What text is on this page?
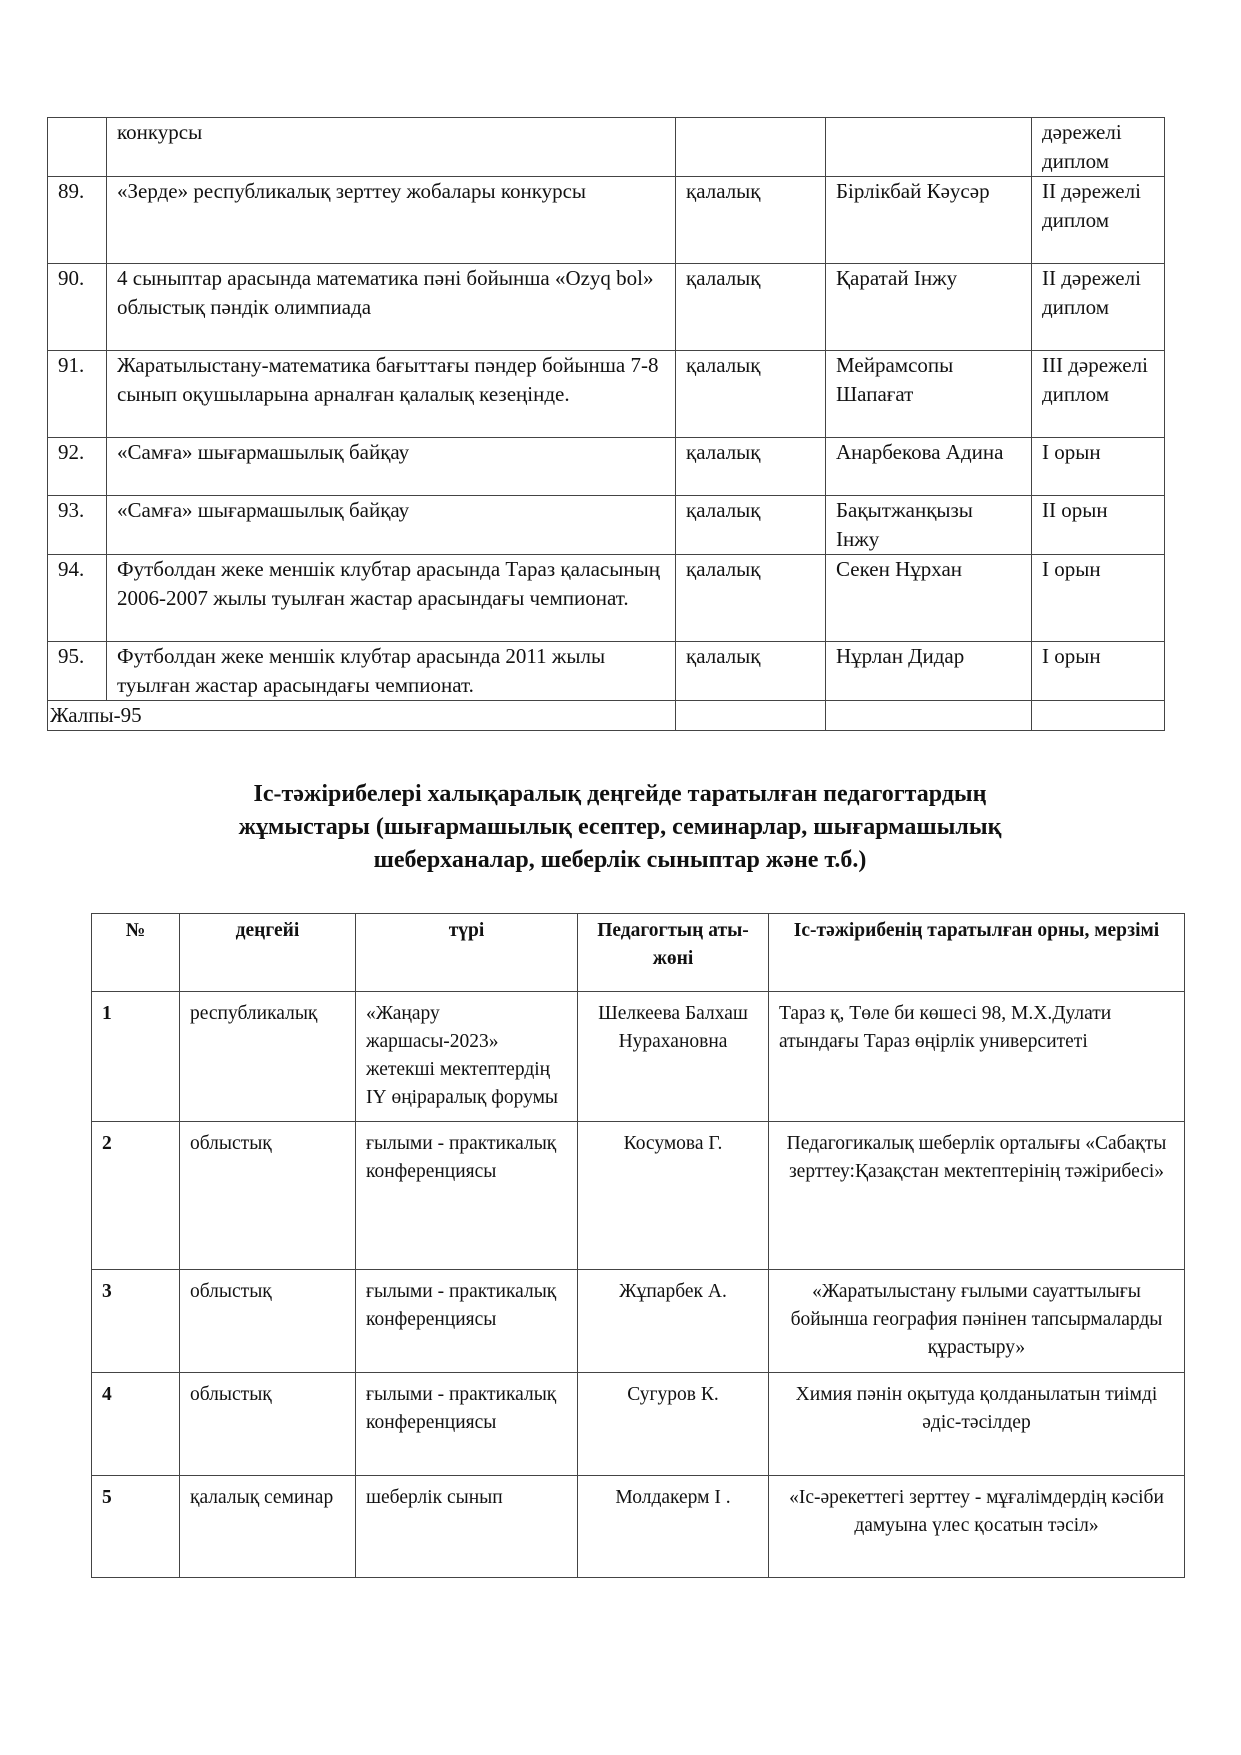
	конкурсы			дәрежелі диплом
89.	«Зерде» республикалық зерттеу жобалары конкурсы	қалалық	Бірлікбай Кәусәр	ІІ дәрежелі диплом
90.	4 сыныптар арасында математика пәні бойынша «Ozyq bol» облыстық пәндік олимпиада	қалалық	Қаратай Інжу	ІІ дәрежелі диплом
91.	Жаратылыстану-математика бағыттағы пәндер бойынша 7-8 сынып оқушыларына арналған қалалық кезеңінде.	қалалық	Мейрамсопы Шапағат	ІІІ дәрежелі диплом
92.	«Самға» шығармашылық байқау	қалалық	Анарбекова Адина	І орын
93.	«Самға» шығармашылық байқау	қалалық	Бақытжанқызы Інжу	ІІ орын
94.	Футболдан жеке меншік клубтар арасында Тараз қаласының 2006-2007 жылы туылған жастар арасындағы чемпионат.	қалалық	Секен Нұрхан	І орын
95.	Футболдан жеке меншік клубтар арасында 2011 жылы туылған жастар арасындағы чемпионат.	қалалық	Нұрлан Дидар	І орын
Жалпы-95				
Іс-тәжірибелері халықаралық деңгейде таратылған педагогтардың
жұмыстары (шығармашылық есептер, семинарлар, шығармашылық
шеберханалар, шеберлік сыныптар және т.б.)
№	деңгейі	түрі	Педагогтың аты-жөні	Іс-тәжірибенің таратылған орны, мерзімі
1	республикалық	«Жаңару жаршасы-2023» жетекші мектептердің ІҮ өңіраралық форумы	Шелкеева Балхаш Нурахановна	Тараз қ, Төле би көшесі 98, М.Х.Дулати атындағы Тараз өңірлік университеті
2	облыстық	ғылыми - практикалық конференциясы	Косумова Г.	Педагогикалық шеберлік орталығы «Сабақты зерттеу:Қазақстан мектептерінің тәжірибесі»
3	облыстық	ғылыми - практикалық конференциясы	Жұпарбек А.	«Жаратылыстану ғылыми сауаттылығы бойынша география пәнінен тапсырмаларды құрастыру»
4	облыстық	ғылыми - практикалық конференциясы	Сугуров К.	Химия пәнін оқытуда қолданылатын тиімді әдіс-тәсілдер
5	қалалық семинар	шеберлік сынып	Молдакерм І .	«Іс-әрекеттегі зерттеу - мұғалімдердің кәсіби дамуына үлес қосатын тәсіл»
